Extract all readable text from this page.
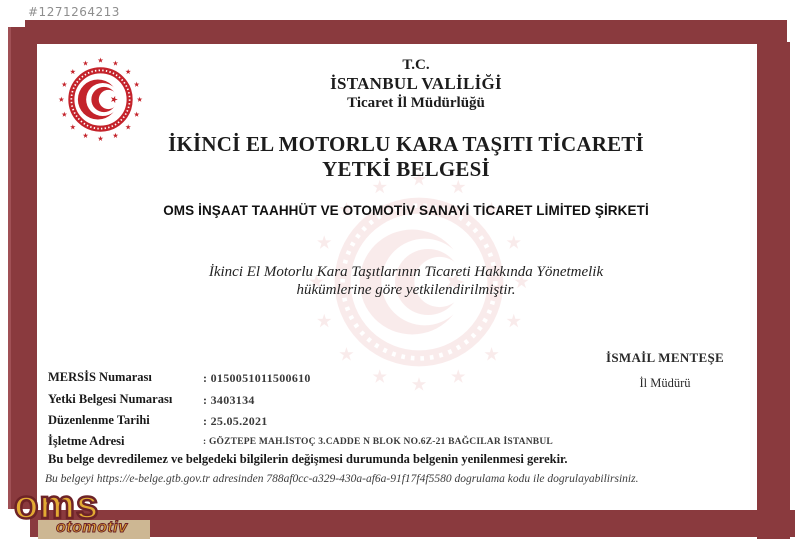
#1271264213
T.C.
İSTANBUL VALİLİĞİ
Ticaret İl Müdürlüğü
İKİNCİ EL MOTORLU KARA TAŞITI TİCARETİ
YETKİ BELGESİ
OMS İNŞAAT TAAHHÜT VE OTOMOTİV SANAYİ TİCARET LİMİTED ŞİRKETİ
İkinci El Motorlu Kara Taşıtlarının Ticareti Hakkında Yönetmelik
hükümlerine göre yetkilendirilmiştir.
İSMAİL MENTEŞE
İl Müdürü
MERSİS Numarası	: 0150051011500610
Yetki Belgesi Numarası	: 3403134
Düzenlenme Tarihi	: 25.05.2021
İşletme Adresi	: GÖZTEPE MAH.İSTOÇ 3.CADDE N BLOK NO.6Z-21 BAĞCILAR İSTANBUL
Bu belge devredilemez ve belgedeki bilgilerin değişmesi durumunda belgenin yenilenmesi gerekir.
Bu belgeyi https://e-belge.gtb.gov.tr adresinden 788af0cc-a329-430a-af6a-91f17f4f5580 dogrulama kodu ile dogrulayabilirsiniz.
oms
otomotiv
